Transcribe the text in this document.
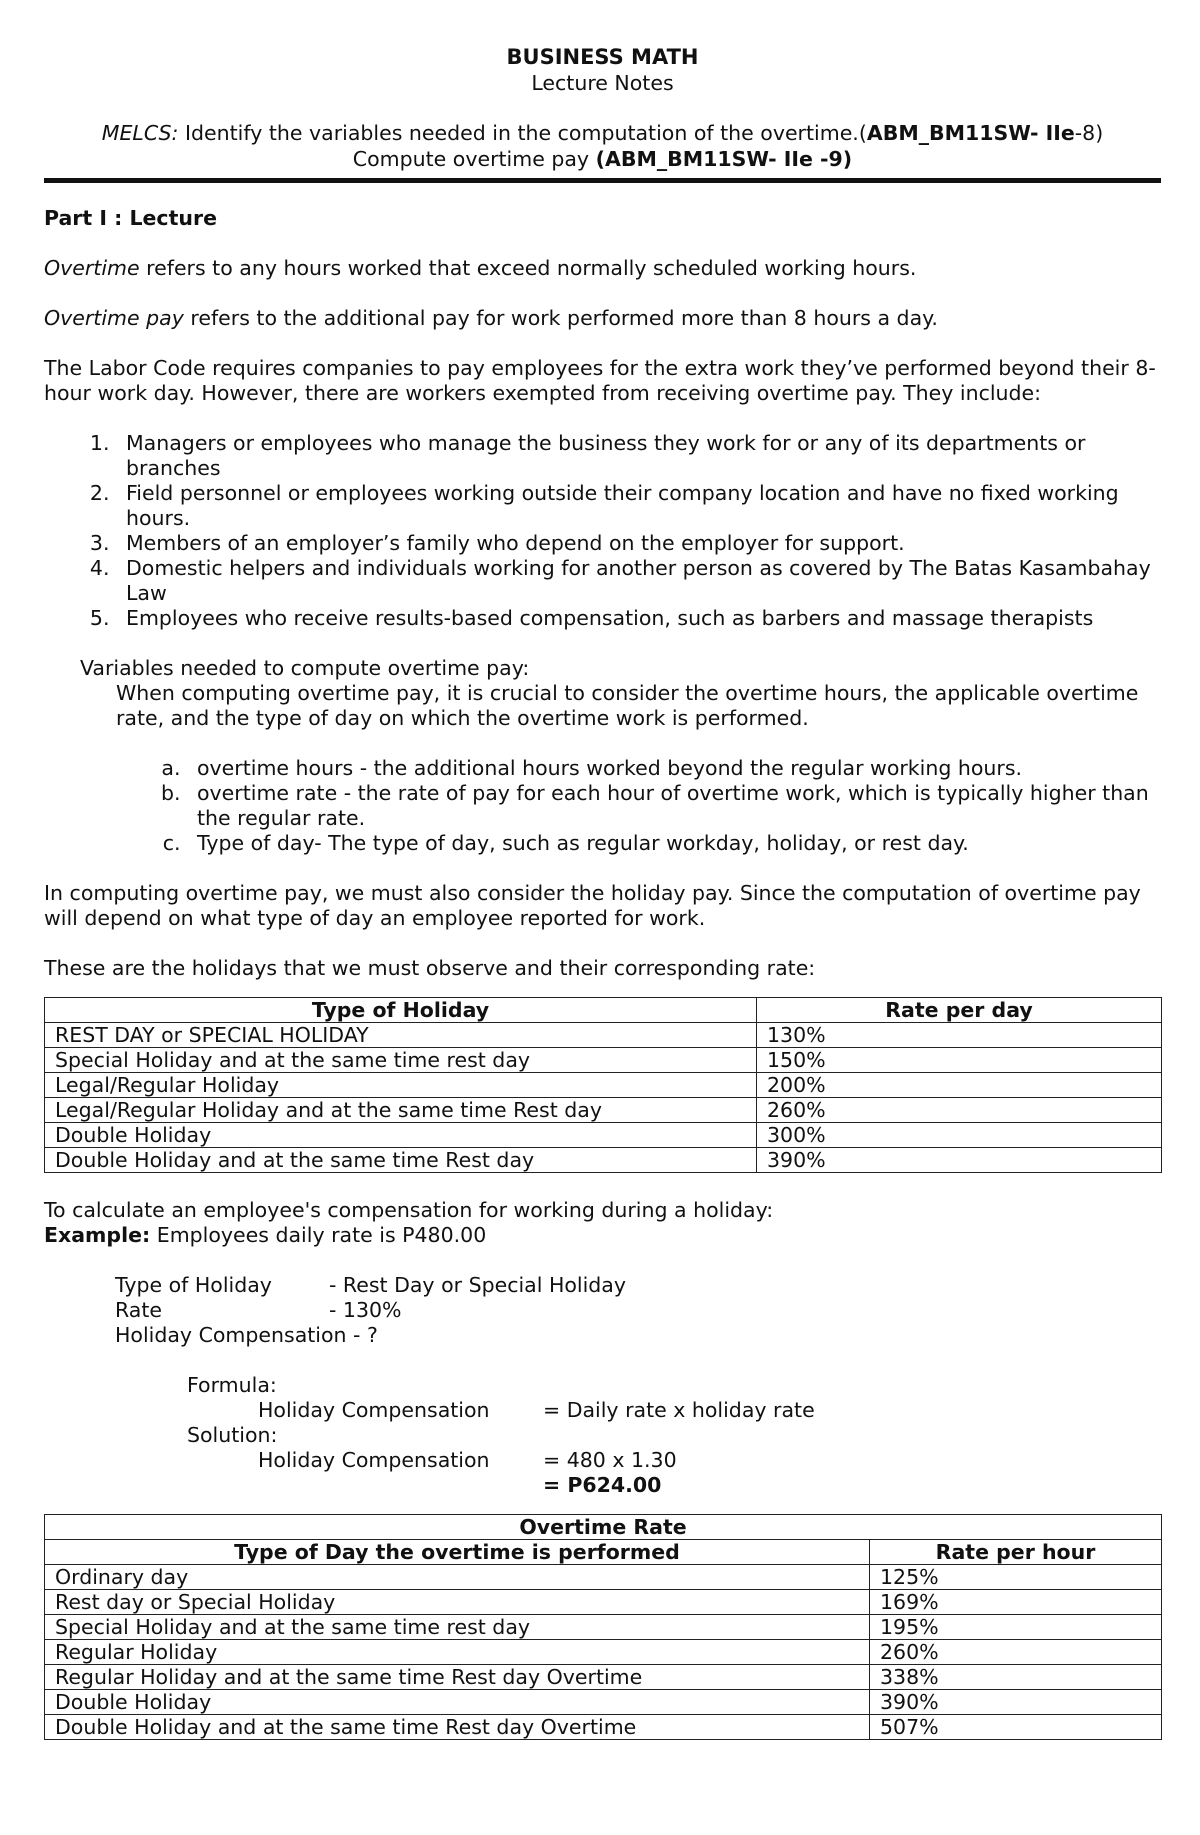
BUSINESS MATH
Lecture Notes
MELCS: Identify the variables needed in the computation of the overtime.(ABM_BM11SW- IIe-8)
Compute overtime pay (ABM_BM11SW- IIe -9)

Part I : Lecture

Overtime refers to any hours worked that exceed normally scheduled working hours.

Overtime pay refers to the additional pay for work performed more than 8 hours a day.

The Labor Code requires companies to pay employees for the extra work they’ve performed beyond their 8-hour work day. However, there are workers exempted from receiving overtime pay. They include:

1. Managers or employees who manage the business they work for or any of its departments or branches
2. Field personnel or employees working outside their company location and have no fixed working hours.
3. Members of an employer’s family who depend on the employer for support.
4. Domestic helpers and individuals working for another person as covered by The Batas Kasambahay Law
5. Employees who receive results-based compensation, such as barbers and massage therapists

Variables needed to compute overtime pay:

When computing overtime pay, it is crucial to consider the overtime hours, the applicable overtime rate, and the type of day on which the overtime work is performed.

a. overtime hours - the additional hours worked beyond the regular working hours.
b. overtime rate - the rate of pay for each hour of overtime work, which is typically higher than the regular rate.
c. Type of day- The type of day, such as regular workday, holiday, or rest day.

In computing overtime pay, we must also consider the holiday pay. Since the computation of overtime pay will depend on what type of day an employee reported for work.

These are the holidays that we must observe and their corresponding rate:

Type of Holiday	Rate per day
REST DAY or SPECIAL HOLIDAY	130%
Special Holiday and at the same time rest day	150%
Legal/Regular Holiday	200%
Legal/Regular Holiday and at the same time Rest day	260%
Double Holiday	300%
Double Holiday and at the same time Rest day	390%

To calculate an employee's compensation for working during a holiday:

Example: Employees daily rate is P480.00

Type of Holiday	- Rest Day or Special Holiday
Rate	- 130%
Holiday Compensation - ?
Formula:
Holiday Compensation	= Daily rate x holiday rate
Solution:
Holiday Compensation	= 480 x 1.30
= P624.00
Overtime Rate	
Type of Day the overtime is performed	Rate per hour
Ordinary day	125%
Rest day or Special Holiday	169%
Special Holiday and at the same time rest day	195%
Regular Holiday	260%
Regular Holiday and at the same time Rest day Overtime	338%
Double Holiday	390%
Double Holiday and at the same time Rest day Overtime	507%
